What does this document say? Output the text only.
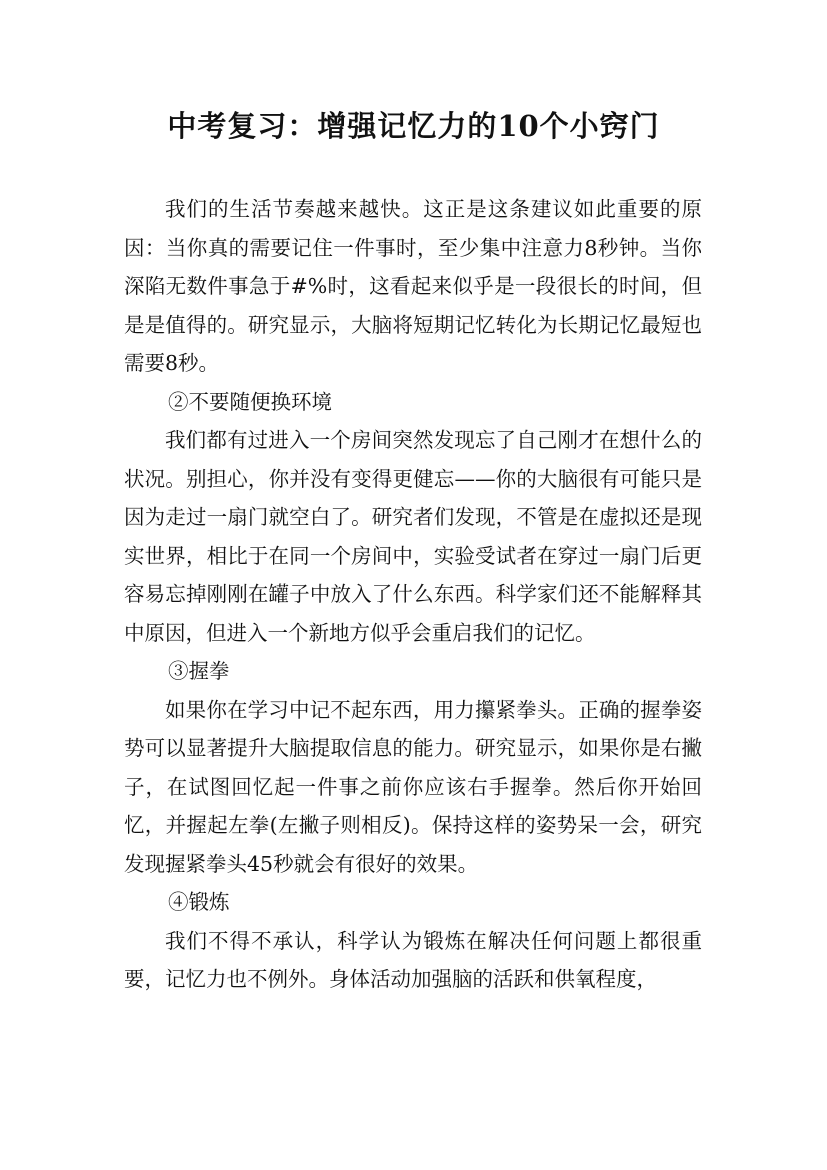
中考复习：增强记忆力的10个小窍门

我们的生活节奏越来越快。这正是这条建议如此重要的原因：当你真的需要记住一件事时，至少集中注意力8秒钟。当你深陷无数件事急于#%时，这看起来似乎是一段很长的时间，但是是值得的。研究显示，大脑将短期记忆转化为长期记忆最短也需要8秒。

②不要随便换环境

我们都有过进入一个房间突然发现忘了自己刚才在想什么的状况。别担心，你并没有变得更健忘——你的大脑很有可能只是因为走过一扇门就空白了。研究者们发现，不管是在虚拟还是现实世界，相比于在同一个房间中，实验受试者在穿过一扇门后更容易忘掉刚刚在罐子中放入了什么东西。科学家们还不能解释其中原因，但进入一个新地方似乎会重启我们的记忆。

③握拳

如果你在学习中记不起东西，用力攥紧拳头。正确的握拳姿势可以显著提升大脑提取信息的能力。研究显示，如果你是右撇子，在试图回忆起一件事之前你应该右手握拳。然后你开始回忆，并握起左拳(左撇子则相反)。保持这样的姿势呆一会，研究发现握紧拳头45秒就会有很好的效果。

④锻炼

我们不得不承认，科学认为锻炼在解决任何问题上都很重要，记忆力也不例外。身体活动加强脑的活跃和供氧程度，
